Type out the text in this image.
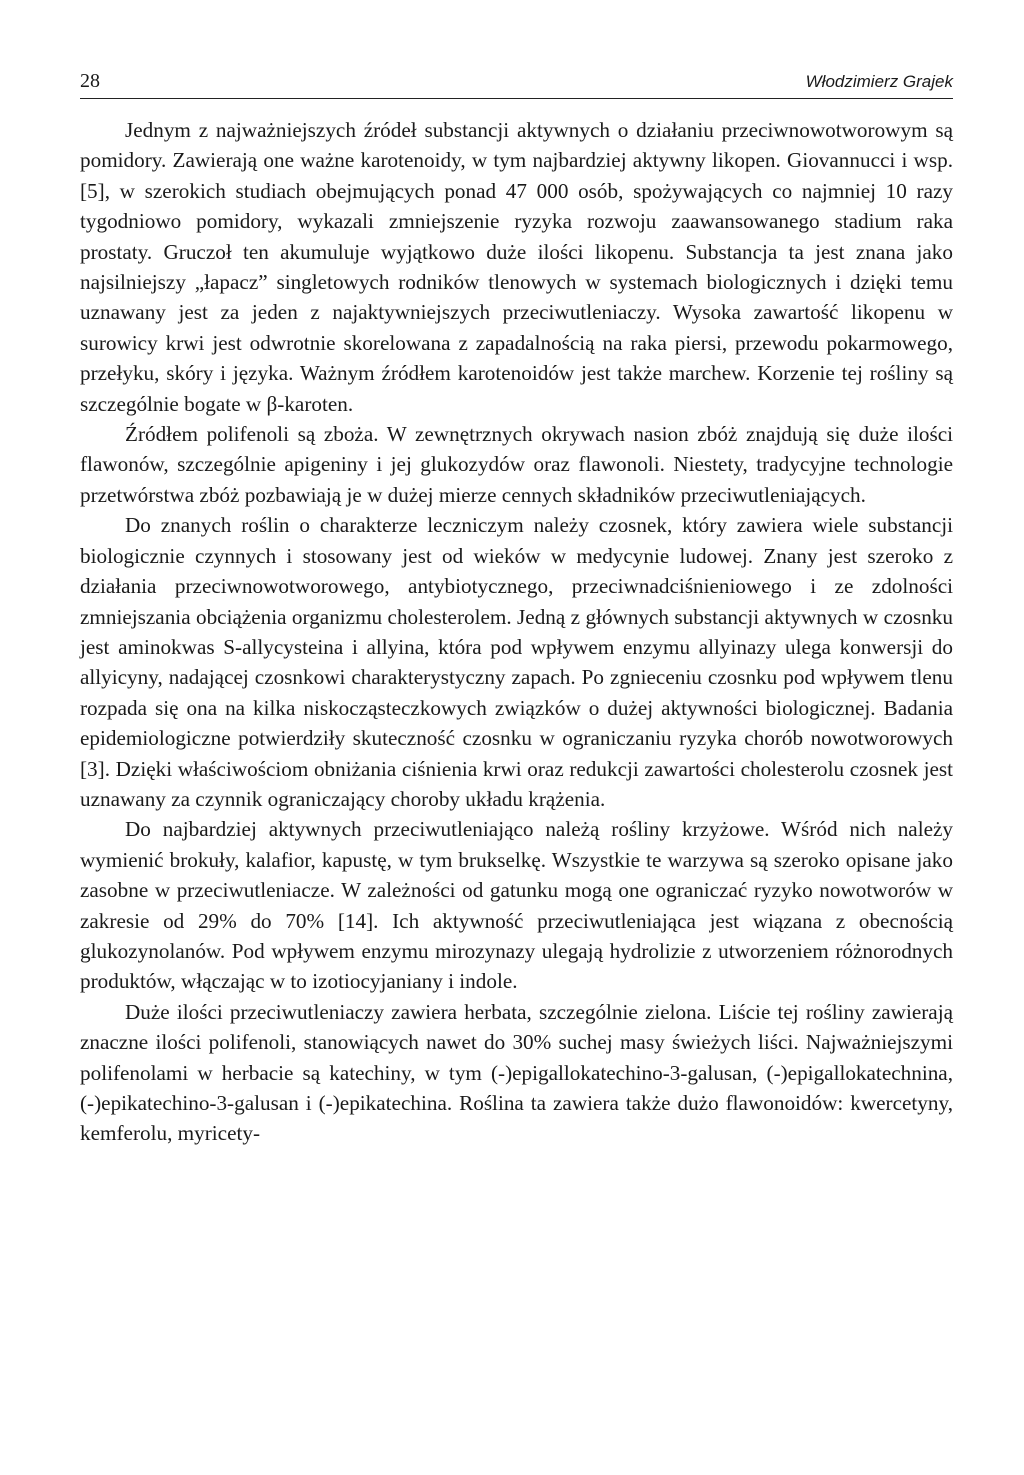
28	Włodzimierz Grajek

Jednym z najważniejszych źródeł substancji aktywnych o działaniu przeciwnowotworowym są pomidory. Zawierają one ważne karotenoidy, w tym najbardziej aktywny likopen. Giovannucci i wsp. [5], w szerokich studiach obejmujących ponad 47 000 osób, spożywających co najmniej 10 razy tygodniowo pomidory, wykazali zmniejszenie ryzyka rozwoju zaawansowanego stadium raka prostaty. Gruczoł ten akumuluje wyjątkowo duże ilości likopenu. Substancja ta jest znana jako najsilniejszy „łapacz” singletowych rodników tlenowych w systemach biologicznych i dzięki temu uznawany jest za jeden z najaktywniejszych przeciwutleniaczy. Wysoka zawartość likopenu w surowicy krwi jest odwrotnie skorelowana z zapadalnością na raka piersi, przewodu pokarmowego, przełyku, skóry i języka. Ważnym źródłem karotenoidów jest także marchew. Korzenie tej rośliny są szczególnie bogate w β-karoten.

Źródłem polifenoli są zboża. W zewnętrznych okrywach nasion zbóż znajdują się duże ilości flawonów, szczególnie apigeniny i jej glukozydów oraz flawonoli. Niestety, tradycyjne technologie przetwórstwa zbóż pozbawiają je w dużej mierze cennych składników przeciwutleniających.

Do znanych roślin o charakterze leczniczym należy czosnek, który zawiera wiele substancji biologicznie czynnych i stosowany jest od wieków w medycynie ludowej. Znany jest szeroko z działania przeciwnowotworowego, antybiotycznego, przeciwnadciśnieniowego i ze zdolności zmniejszania obciążenia organizmu cholesterolem. Jedną z głównych substancji aktywnych w czosnku jest aminokwas S-allycysteina i allyina, która pod wpływem enzymu allyinazy ulega konwersji do allyicyny, nadającej czosnkowi charakterystyczny zapach. Po zgnieceniu czosnku pod wpływem tlenu rozpada się ona na kilka niskocząsteczkowych związków o dużej aktywności biologicznej. Badania epidemiologiczne potwierdziły skuteczność czosnku w ograniczaniu ryzyka chorób nowotworowych [3]. Dzięki właściwościom obniżania ciśnienia krwi oraz redukcji zawartości cholesterolu czosnek jest uznawany za czynnik ograniczający choroby układu krążenia.

Do najbardziej aktywnych przeciwutleniająco należą rośliny krzyżowe. Wśród nich należy wymienić brokuły, kalafior, kapustę, w tym brukselkę. Wszystkie te warzywa są szeroko opisane jako zasobne w przeciwutleniacze. W zależności od gatunku mogą one ograniczać ryzyko nowotworów w zakresie od 29% do 70% [14]. Ich aktywność przeciwutleniająca jest wiązana z obecnością glukozynolanów. Pod wpływem enzymu mirozynazy ulegają hydrolizie z utworzeniem różnorodnych produktów, włączając w to izotiocyjaniany i indole.

Duże ilości przeciwutleniaczy zawiera herbata, szczególnie zielona. Liście tej rośliny zawierają znaczne ilości polifenoli, stanowiących nawet do 30% suchej masy świeżych liści. Najważniejszymi polifenolami w herbacie są katechiny, w tym (-)epigallokatechino-3-galusan, (-)epigallokatechnina, (-)epikatechino-3-galusan i (-)epikatechina. Roślina ta zawiera także dużo flawonoidów: kwercetyny, kemferolu, myricety-
